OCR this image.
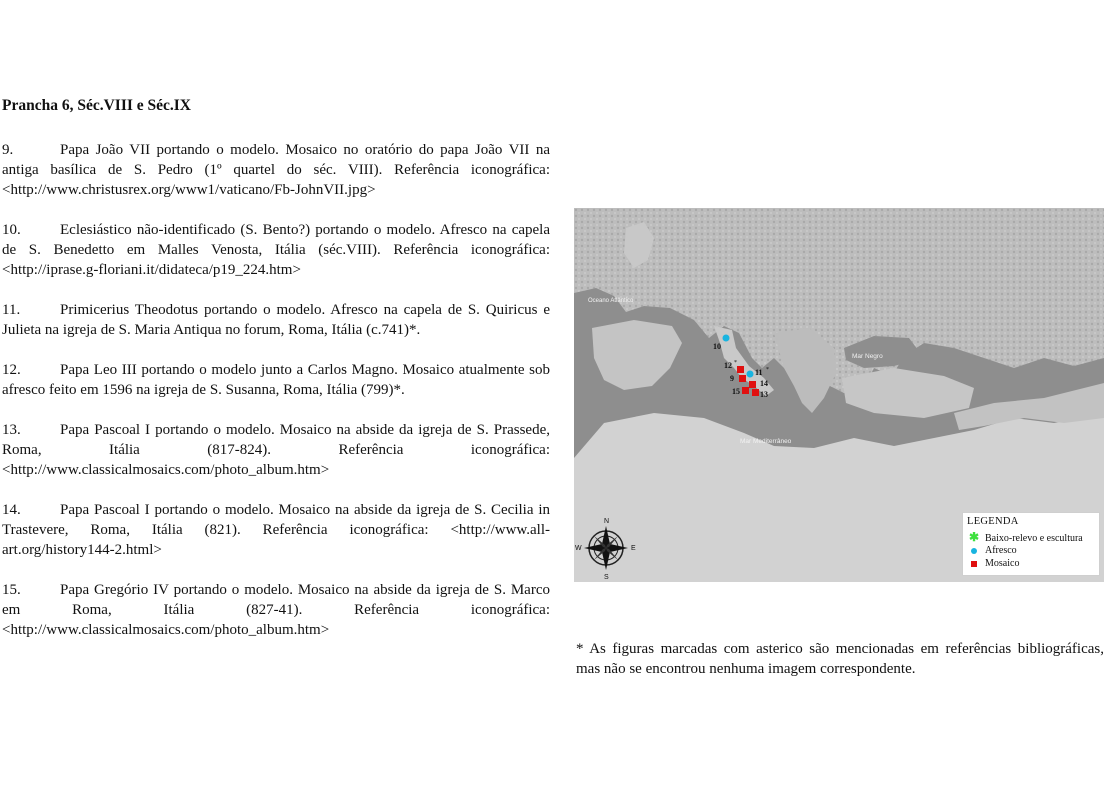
Prancha 6, Séc.VIII e Séc.IX

9.	Papa João VII portando o modelo. Mosaico no oratório do papa João VII na antiga basílica de S. Pedro (1º quartel do séc. VIII). Referência iconográfica: <http://www.christusrex.org/www1/vaticano/Fb-JohnVII.jpg>

10.	Eclesiástico não-identificado (S. Bento?) portando o modelo. Afresco na capela de S. Benedetto em Malles Venosta, Itália (séc.VIII). Referência iconográfica: <http://iprase.g-floriani.it/didateca/p19_224.htm>

11.	Primicerius Theodotus portando o modelo. Afresco na capela de S. Quiricus e Julieta na igreja de S. Maria Antiqua no forum, Roma, Itália (c.741)*.

12.	Papa Leo III portando o modelo junto a Carlos Magno. Mosaico atualmente sob afresco feito em 1596 na igreja de S. Susanna, Roma, Itália (799)*.

13.	Papa Pascoal I portando o modelo. Mosaico na abside da igreja de S. Prassede, Roma, Itália (817-824). Referência iconográfica: <http://www.classicalmosaics.com/photo_album.htm>

14.	Papa Pascoal I portando o modelo. Mosaico na abside da igreja de S. Cecilia in Trastevere, Roma, Itália (821). Referência iconográfica: <http://www.all-art.org/history144-2.html>

15.	Papa Gregório IV portando o modelo. Mosaico na abside da igreja de S. Marco em Roma, Itália (827-41). Referência iconográfica: <http://www.classicalmosaics.com/photo_album.htm>

Oceano Atlântico
Mar Negro
Mar Mediterrâneo
10
12 *
9
11 *
14
15	13
N
S
W	E
LEGENDA
✱ Baixo-relevo e escultura
Afresco
Mosaico

* As figuras marcadas com asterico são mencionadas em referências bibliográficas, mas não se encontrou nenhuma imagem correspondente.
